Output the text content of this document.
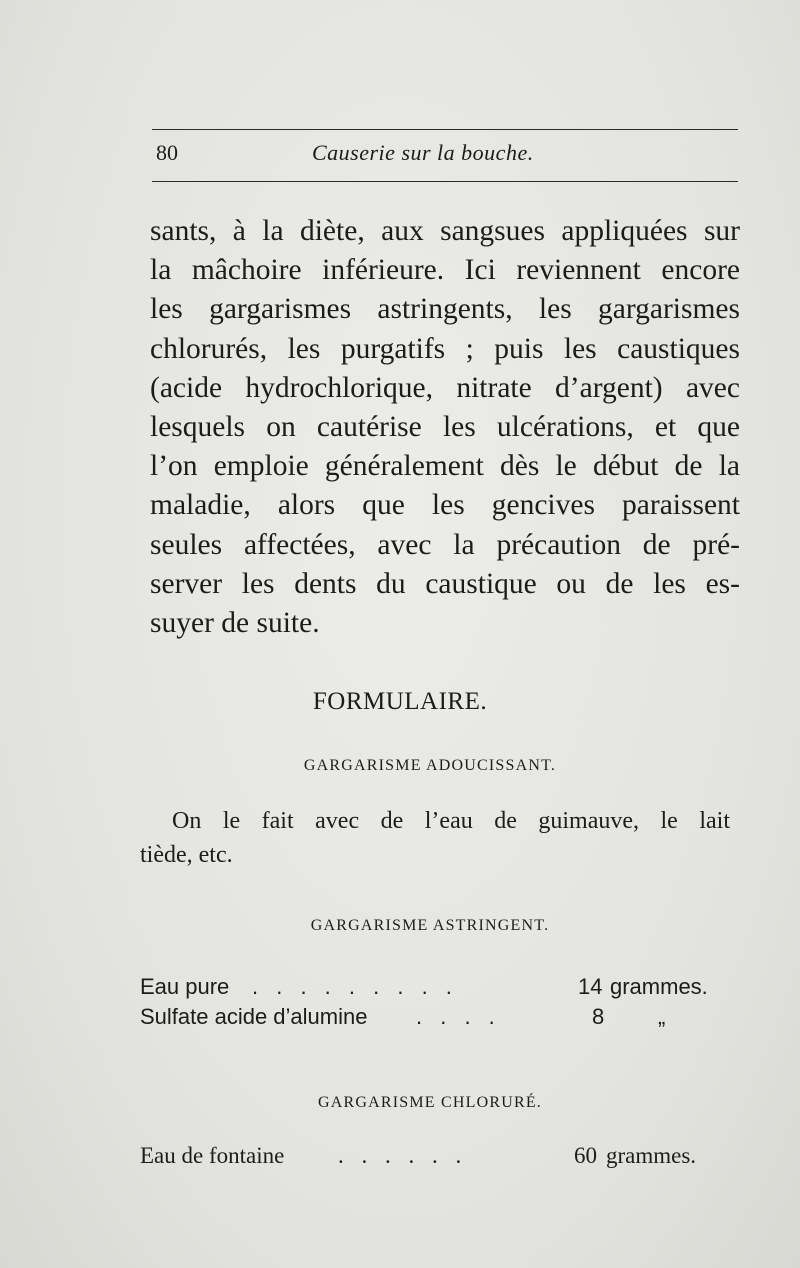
80	Causerie sur la bouche.
sants, à la diète, aux sangsues appliquées sur
la mâchoire inférieure. Ici reviennent encore
les gargarismes astringents, les gargarismes
chlorurés, les purgatifs ; puis les caustiques
(acide hydrochlorique, nitrate d’argent) avec
lesquels on cautérise les ulcérations, et que
l’on emploie généralement dès le début de la
maladie, alors que les gencives paraissent
seules affectées, avec la précaution de pré-
server les dents du caustique ou de les es-
suyer de suite.
FORMULAIRE.
GARGARISME ADOUCISSANT.
On le fait avec de l’eau de guimauve, le lait
tiède, etc.
GARGARISME ASTRINGENT.
Eau pure . . . . . . . . .	14 grammes.
Sulfate acide d’alumine . . . .	8 „
GARGARISME CHLORURÉ.
Eau de fontaine . . . . . .	60 grammes.
